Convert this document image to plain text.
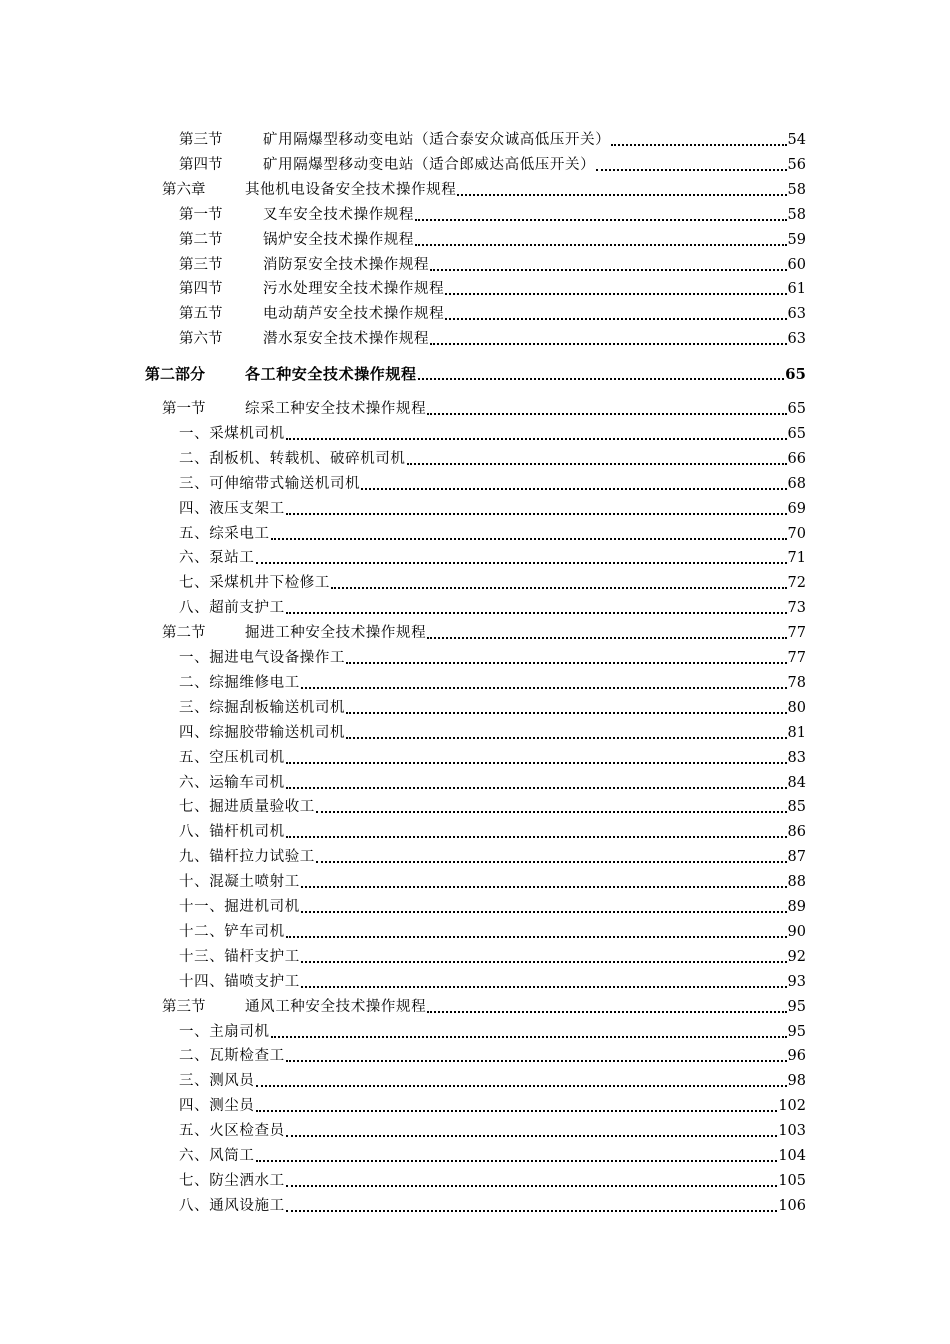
第三节	矿用隔爆型移动变电站（适合泰安众诚高低压开关）	54
第四节	矿用隔爆型移动变电站（适合郎威达高低压开关）	56
第六章	其他机电设备安全技术操作规程	58
第一节	叉车安全技术操作规程	58
第二节	锅炉安全技术操作规程	59
第三节	消防泵安全技术操作规程	60
第四节	污水处理安全技术操作规程	61
第五节	电动葫芦安全技术操作规程	63
第六节	潜水泵安全技术操作规程	63
第二部分	各工种安全技术操作规程	65
第一节	综采工种安全技术操作规程	65
一、采煤机司机	65
二、刮板机、转载机、破碎机司机	66
三、可伸缩带式输送机司机	68
四、液压支架工	69
五、综采电工	70
六、泵站工	71
七、采煤机井下检修工	72
八、超前支护工	73
第二节	掘进工种安全技术操作规程	77
一、掘进电气设备操作工	77
二、综掘维修电工	78
三、综掘刮板输送机司机	80
四、综掘胶带输送机司机	81
五、空压机司机	83
六、运输车司机	84
七、掘进质量验收工	85
八、锚杆机司机	86
九、锚杆拉力试验工	87
十、混凝土喷射工	88
十一、掘进机司机	89
十二、铲车司机	90
十三、锚杆支护工	92
十四、锚喷支护工	93
第三节	通风工种安全技术操作规程	95
一、主扇司机	95
二、瓦斯检查工	96
三、测风员	98
四、测尘员	102
五、火区检查员	103
六、风筒工	104
七、防尘洒水工	105
八、通风设施工	106
